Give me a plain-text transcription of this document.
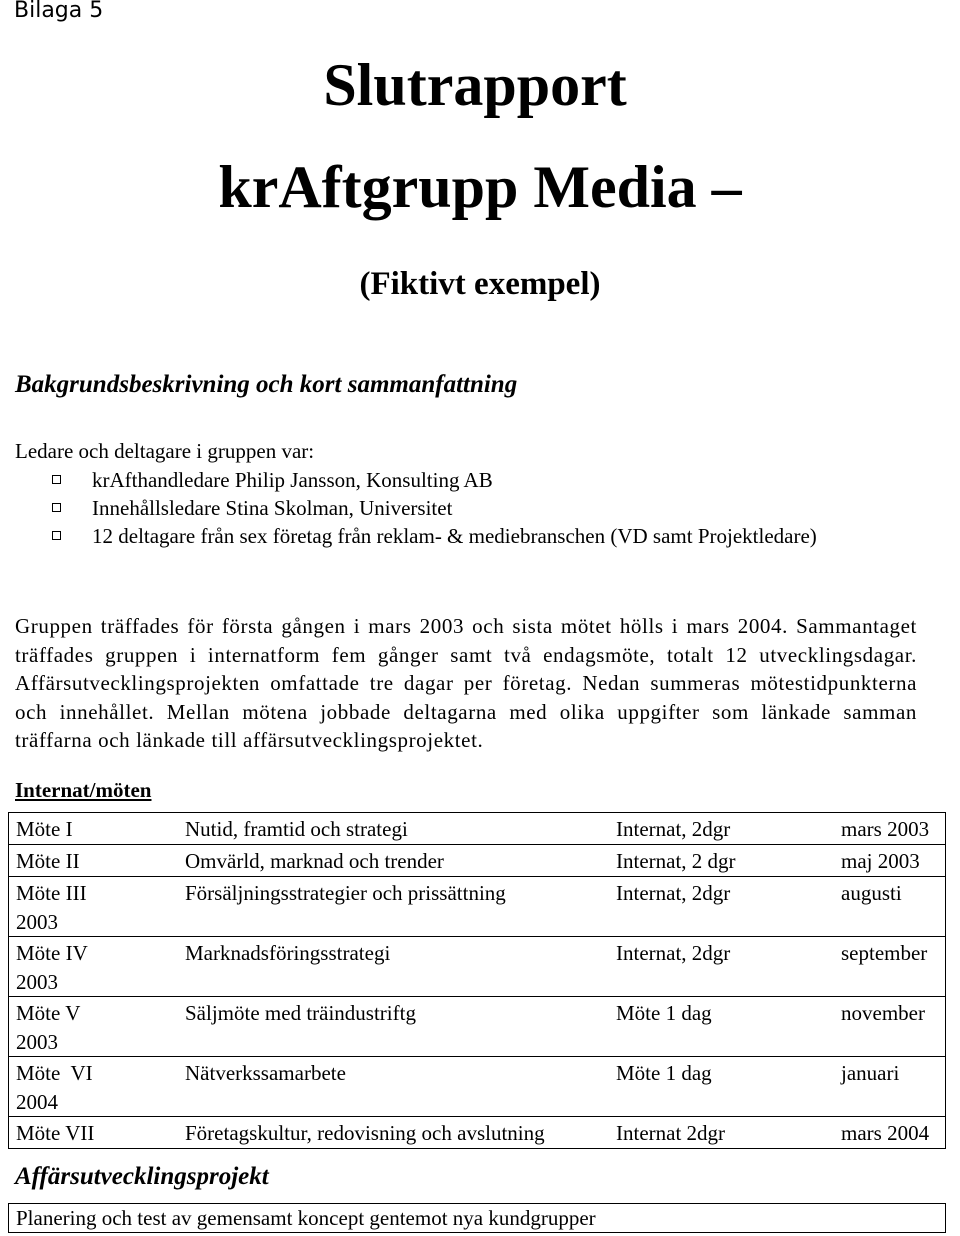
Bilaga 5
Slutrapport
krAftgrupp Media –
(Fiktivt exempel)
Bakgrundsbeskrivning och kort sammanfattning
Ledare och deltagare i gruppen var:
krAfthandledare Philip Jansson, Konsulting AB
Innehållsledare Stina Skolman, Universitet
12 deltagare från sex företag från reklam- & mediebranschen (VD samt Projektledare)
Gruppen träffades för första gången i mars 2003 och sista mötet hölls i mars 2004. Sammantaget träffades gruppen i internatform fem gånger samt två endagsmöte, totalt 12 utvecklingsdagar. Affärsutvecklingsprojekten omfattade tre dagar per företag. Nedan summeras mötestidpunkterna och innehållet. Mellan mötena jobbade deltagarna med olika uppgifter som länkade samman träffarna och länkade till affärsutvecklingsprojektet.
Internat/möten
Möte I	Nutid, framtid och strategi	Internat, 2dgr	mars 2003

Möte II	Omvärld, marknad och trender	Internat, 2 dgr	maj 2003

Möte III	Försäljningsstrategier och prissättning	Internat, 2dgr	augusti
2003

Möte IV	Marknadsföringsstrategi	Internat, 2dgr	september
2003

Möte V	Säljmöte med träindustriftg	Möte 1 dag	november
2003

Möte  VI	Nätverkssamarbete	Möte 1 dag	januari
2004

Möte VII	Företagskultur, redovisning och avslutning	Internat 2dgr	mars 2004
Affärsutvecklingsprojekt
Planering och test av gemensamt koncept gentemot nya kundgrupper
